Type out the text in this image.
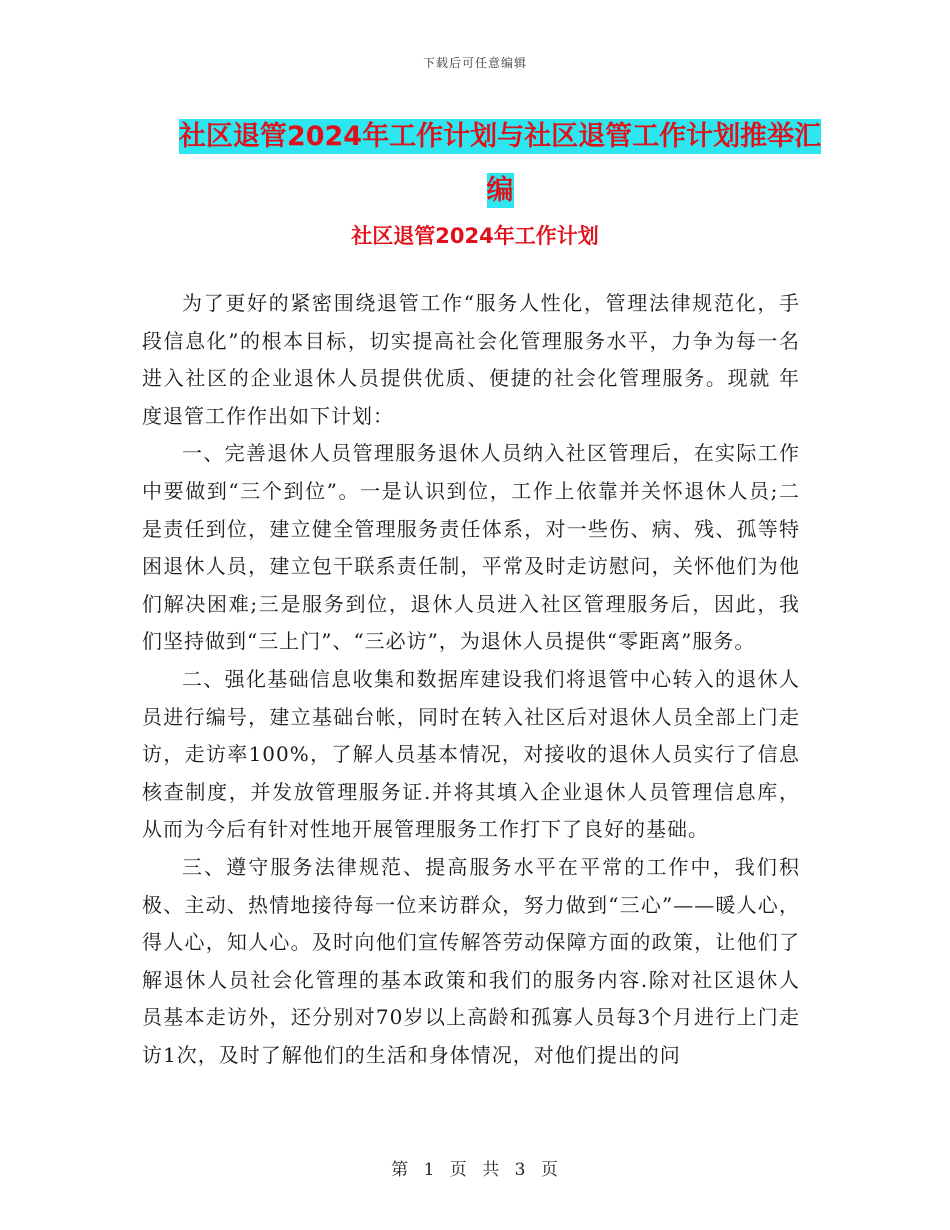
下载后可任意编辑
社区退管2024年工作计划与社区退管工作计划推举汇
编
社区退管2024年工作计划

为了更好的紧密围绕退管工作“服务人性化，管理法律规范化，手段信息化”的根本目标，切实提高社会化管理服务水平，力争为每一名进入社区的企业退休人员提供优质、便捷的社会化管理服务。现就 年度退管工作作出如下计划：

一、完善退休人员管理服务退休人员纳入社区管理后，在实际工作中要做到“三个到位”。一是认识到位，工作上依靠并关怀退休人员;二是责任到位，建立健全管理服务责任体系，对一些伤、病、残、孤等特困退休人员，建立包干联系责任制，平常及时走访慰问，关怀他们为他们解决困难;三是服务到位，退休人员进入社区管理服务后，因此，我们坚持做到“三上门”、“三必访”，为退休人员提供“零距离”服务。

二、强化基础信息收集和数据库建设我们将退管中心转入的退休人员进行编号，建立基础台帐，同时在转入社区后对退休人员全部上门走访，走访率100%，了解人员基本情况，对接收的退休人员实行了信息核查制度，并发放管理服务证.并将其填入企业退休人员管理信息库，从而为今后有针对性地开展管理服务工作打下了良好的基础。

三、遵守服务法律规范、提高服务水平在平常的工作中，我们积极、主动、热情地接待每一位来访群众，努力做到“三心”——暖人心，得人心，知人心。及时向他们宣传解答劳动保障方面的政策，让他们了解退休人员社会化管理的基本政策和我们的服务内容.除对社区退休人员基本走访外，还分别对70岁以上高龄和孤寡人员每3个月进行上门走访1次，及时了解他们的生活和身体情况，对他们提出的问

第 1 页 共 3 页
